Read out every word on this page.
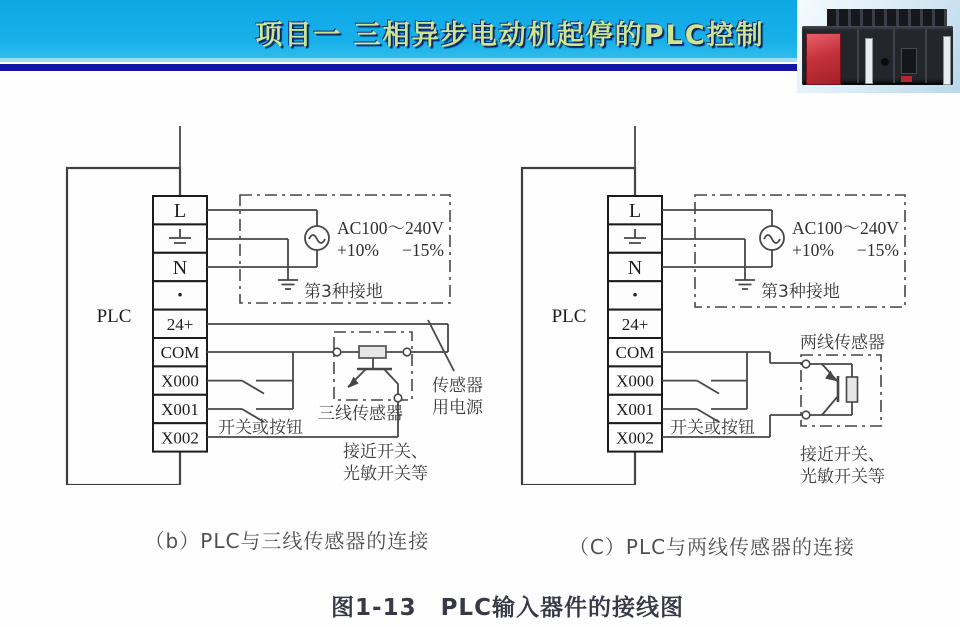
项目一 三相异步电动机起停的PLC控制
L
N
·
24+
COM
X000
X001
X002
PLC
AC100～240V
+10% −15%
第3种接地
开关或按钮
三线传感器
传感器
用电源
接近开关、
光敏开关等
L
N
·
24+
COM
X000
X001
X002
PLC
AC100～240V
+10% −15%
第3种接地
开关或按钮
两线传感器
接近开关、
光敏开关等
（b）PLC与三线传感器的连接	（C）PLC与两线传感器的连接
图1-13　PLC输入器件的接线图
